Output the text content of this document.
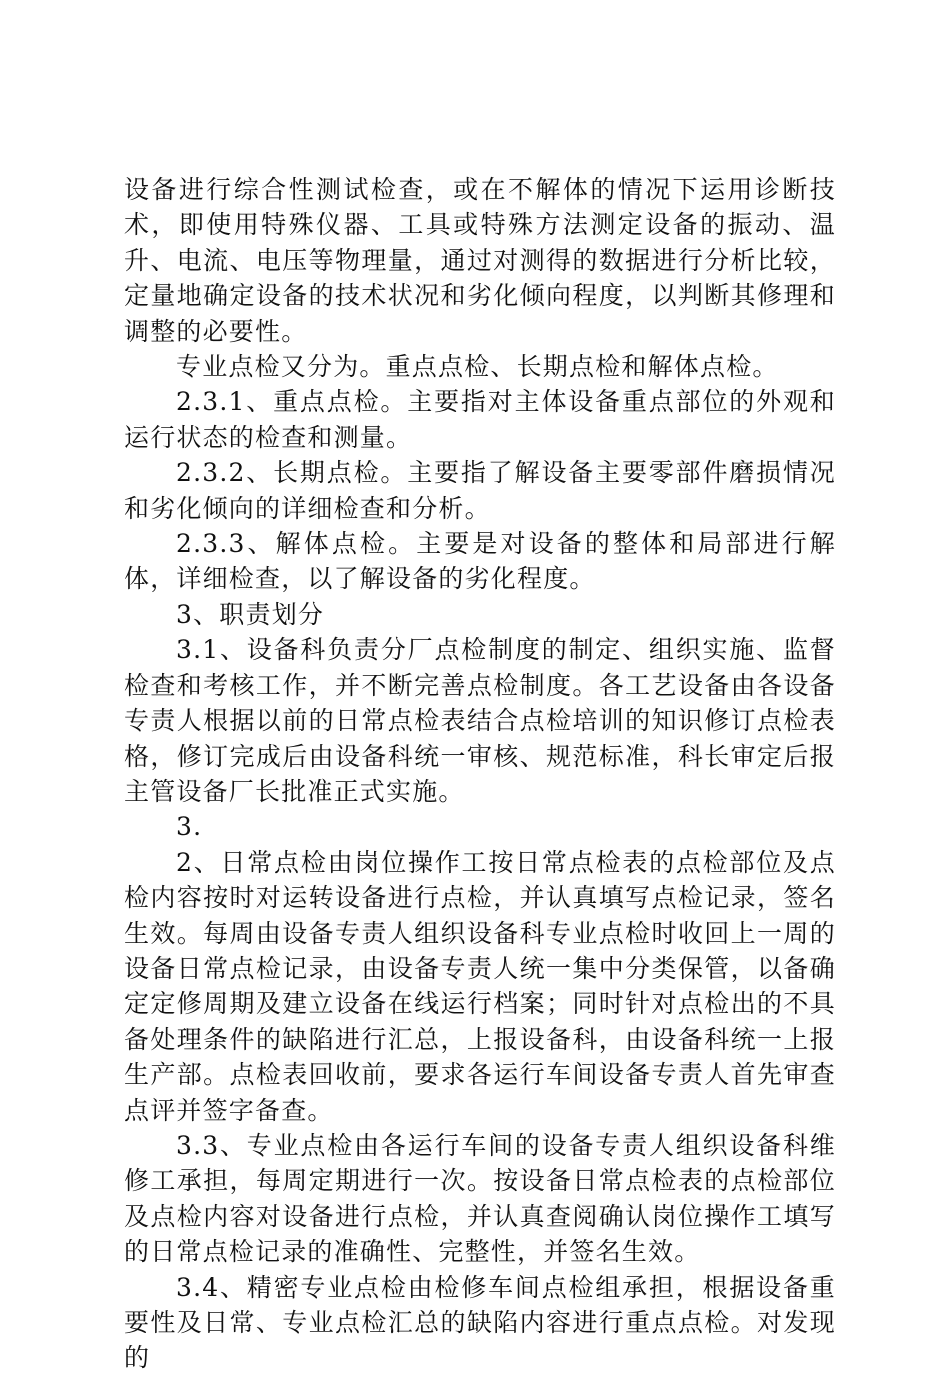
设备进行综合性测试检查，或在不解体的情况下运用诊断技术，即使用特殊仪器、工具或特殊方法测定设备的振动、温升、电流、电压等物理量，通过对测得的数据进行分析比较，定量地确定设备的技术状况和劣化倾向程度，以判断其修理和调整的必要性。

专业点检又分为。重点点检、长期点检和解体点检。

2.3.1、重点点检。主要指对主体设备重点部位的外观和运行状态的检查和测量。

2.3.2、长期点检。主要指了解设备主要零部件磨损情况和劣化倾向的详细检查和分析。

2.3.3、解体点检。主要是对设备的整体和局部进行解体，详细检查，以了解设备的劣化程度。

3、职责划分

3.1、设备科负责分厂点检制度的制定、组织实施、监督检查和考核工作，并不断完善点检制度。各工艺设备由各设备专责人根据以前的日常点检表结合点检培训的知识修订点检表格，修订完成后由设备科统一审核、规范标准，科长审定后报主管设备厂长批准正式实施。

3.

2、日常点检由岗位操作工按日常点检表的点检部位及点检内容按时对运转设备进行点检，并认真填写点检记录，签名生效。每周由设备专责人组织设备科专业点检时收回上一周的设备日常点检记录，由设备专责人统一集中分类保管，以备确定定修周期及建立设备在线运行档案；同时针对点检出的不具备处理条件的缺陷进行汇总，上报设备科，由设备科统一上报生产部。点检表回收前，要求各运行车间设备专责人首先审查点评并签字备查。

3.3、专业点检由各运行车间的设备专责人组织设备科维修工承担，每周定期进行一次。按设备日常点检表的点检部位及点检内容对设备进行点检，并认真查阅确认岗位操作工填写的日常点检记录的准确性、完整性，并签名生效。

3.4、精密专业点检由检修车间点检组承担，根据设备重要性及日常、专业点检汇总的缺陷内容进行重点点检。对发现的
